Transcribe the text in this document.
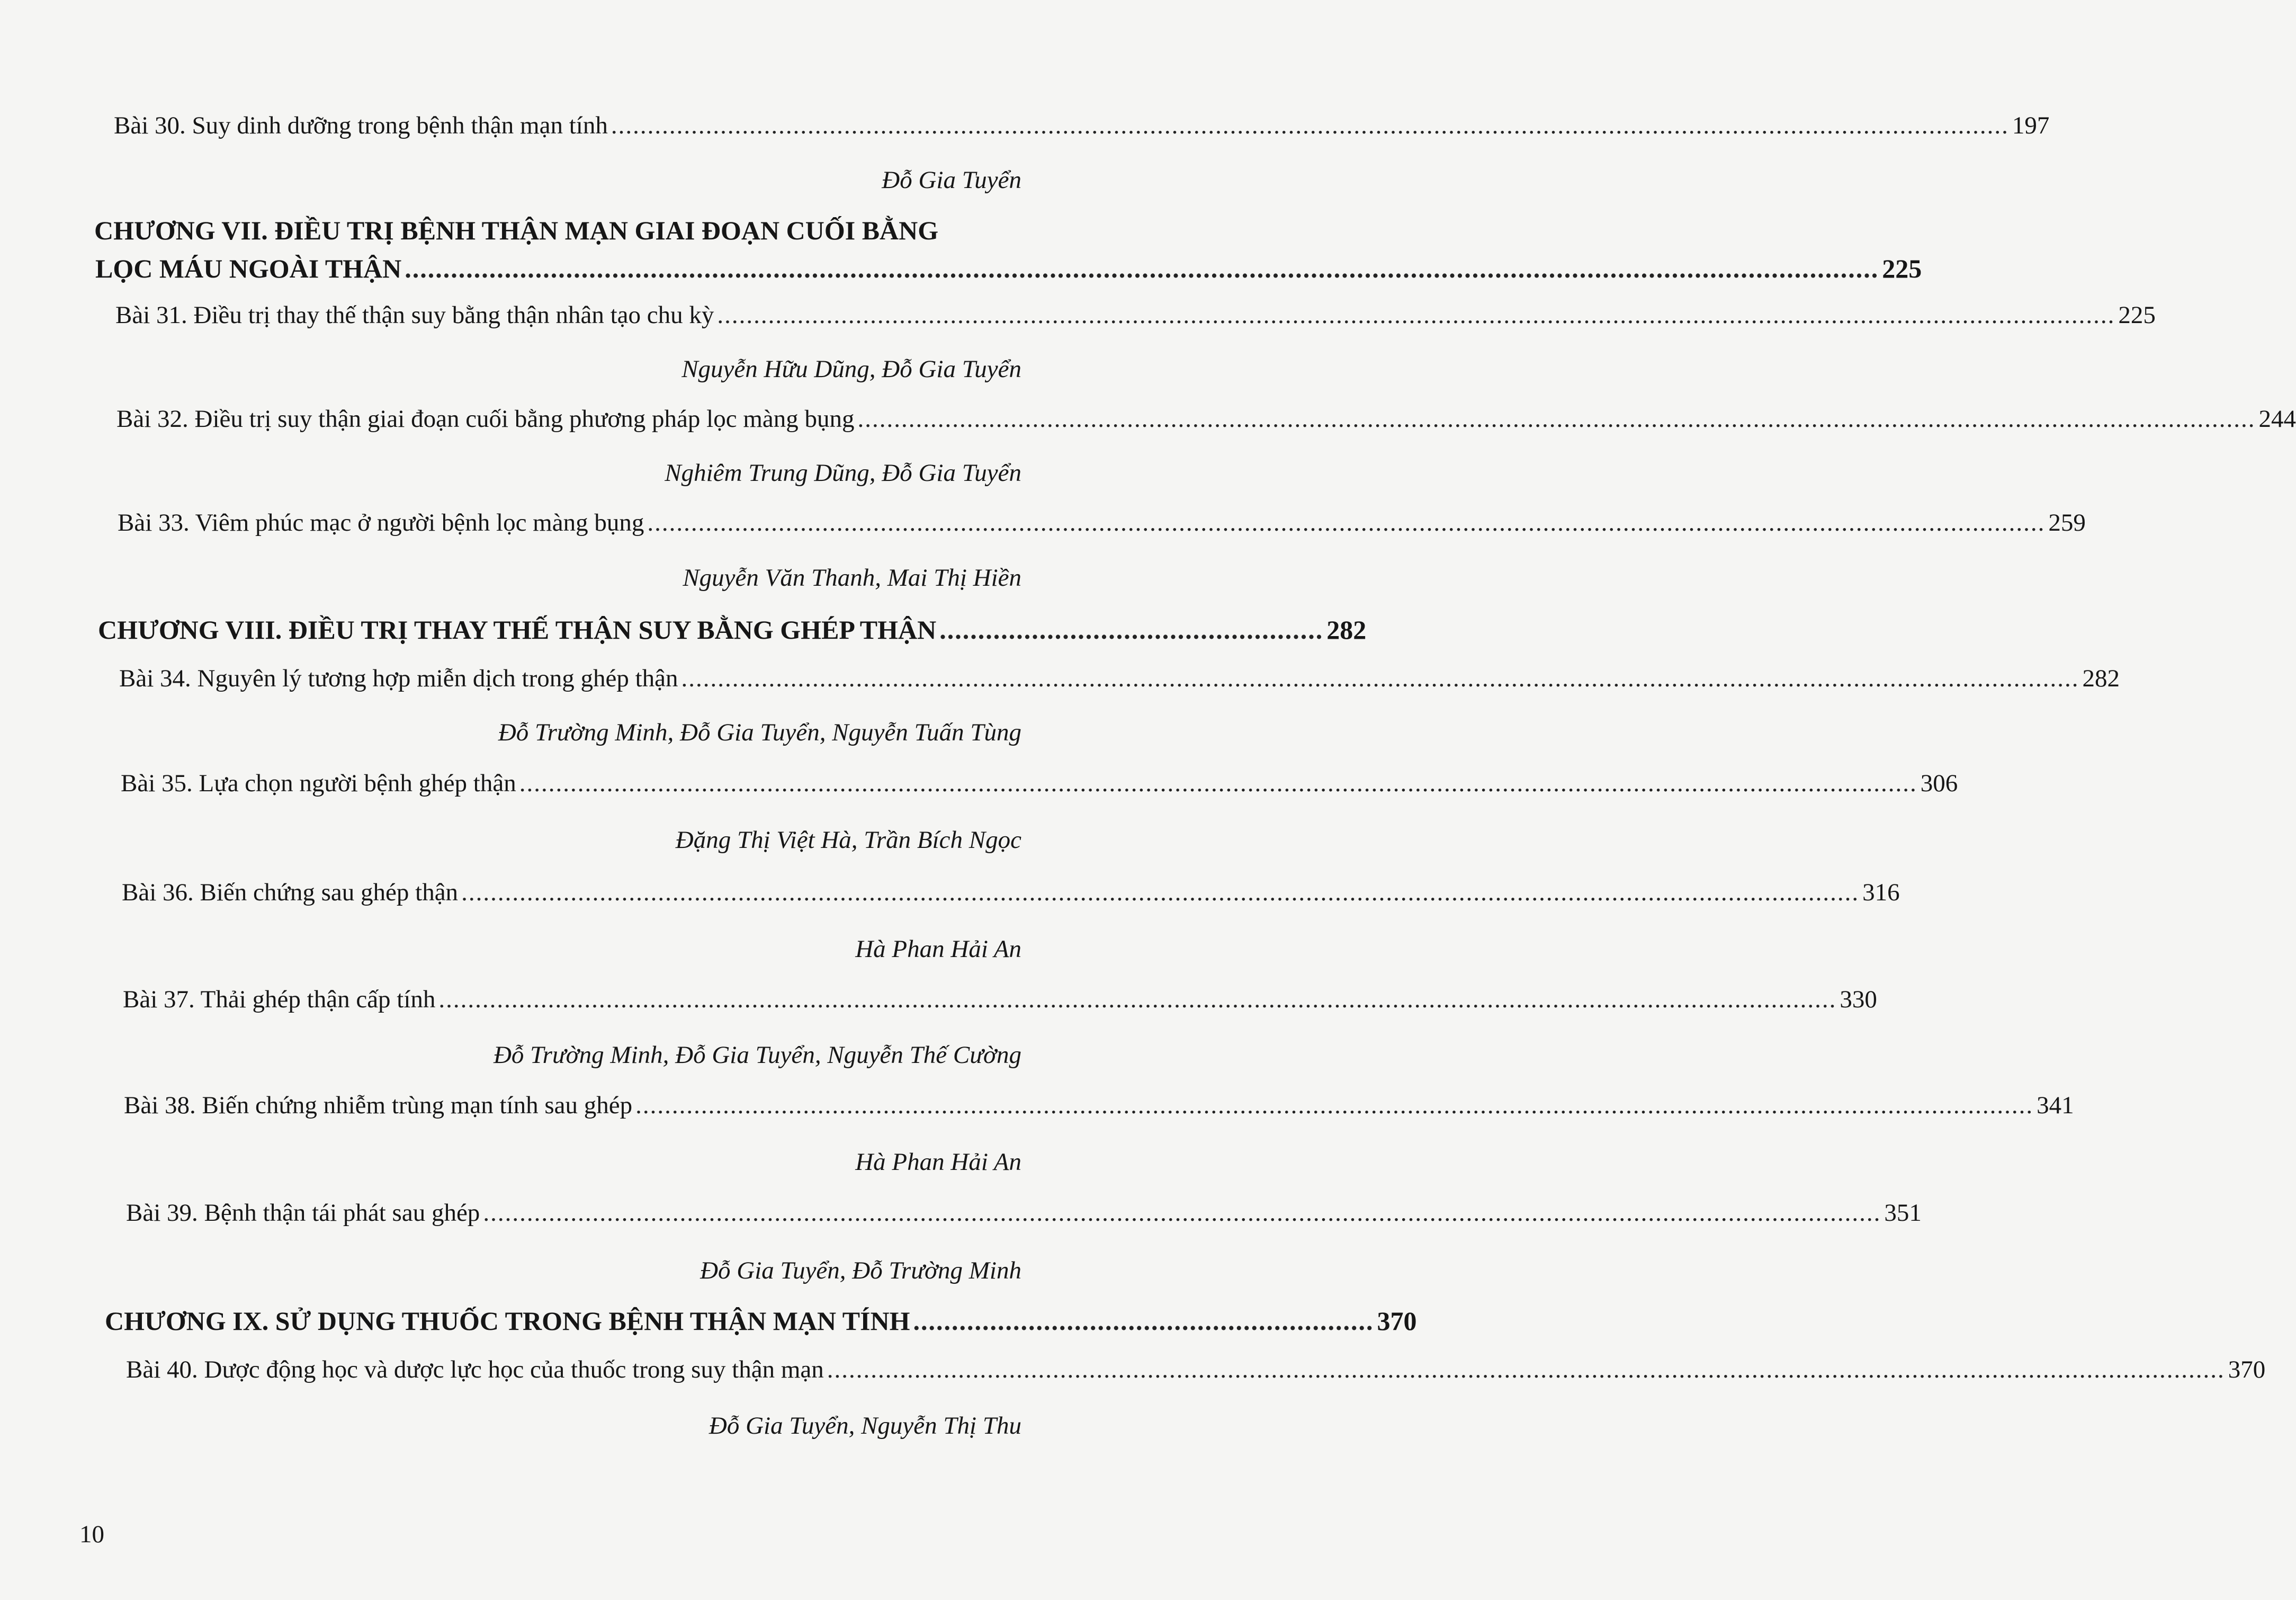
Bài 30. Suy dinh dưỡng trong bệnh thận mạn tính ................................................................................................................................................................................................ 197
Đỗ Gia Tuyển
CHƯƠNG VII. ĐIỀU TRỊ BỆNH THẬN MẠN GIAI ĐOẠN CUỐI BẰNG
LỌC MÁU NGOÀI THẬN ................................................................................................................................................................................................ 225
Bài 31. Điều trị thay thế thận suy bằng thận nhân tạo chu kỳ ................................................................................................................................................................................................ 225
Nguyễn Hữu Dũng, Đỗ Gia Tuyển
Bài 32. Điều trị suy thận giai đoạn cuối bằng phương pháp lọc màng bụng ................................................................................................................................................................................................ 244
Nghiêm Trung Dũng, Đỗ Gia Tuyển
Bài 33. Viêm phúc mạc ở người bệnh lọc màng bụng ................................................................................................................................................................................................ 259
Nguyễn Văn Thanh, Mai Thị Hiền
CHƯƠNG VIII. ĐIỀU TRỊ THAY THẾ THẬN SUY BẰNG GHÉP THẬN .................................................. 282
Bài 34. Nguyên lý tương hợp miễn dịch trong ghép thận ................................................................................................................................................................................................ 282
Đỗ Trường Minh, Đỗ Gia Tuyển, Nguyễn Tuấn Tùng
Bài 35. Lựa chọn người bệnh ghép thận ................................................................................................................................................................................................ 306
Đặng Thị Việt Hà, Trần Bích Ngọc
Bài 36. Biến chứng sau ghép thận ................................................................................................................................................................................................ 316
Hà Phan Hải An
Bài 37. Thải ghép thận cấp tính ................................................................................................................................................................................................ 330
Đỗ Trường Minh, Đỗ Gia Tuyển, Nguyễn Thế Cường
Bài 38. Biến chứng nhiễm trùng mạn tính sau ghép ................................................................................................................................................................................................ 341
Hà Phan Hải An
Bài 39. Bệnh thận tái phát sau ghép ................................................................................................................................................................................................ 351
Đỗ Gia Tuyển, Đỗ Trường Minh
CHƯƠNG IX. SỬ DỤNG THUỐC TRONG BỆNH THẬN MẠN TÍNH ............................................................ 370
Bài 40. Dược động học và dược lực học của thuốc trong suy thận mạn ................................................................................................................................................................................................ 370
Đỗ Gia Tuyển, Nguyễn Thị Thu
10
